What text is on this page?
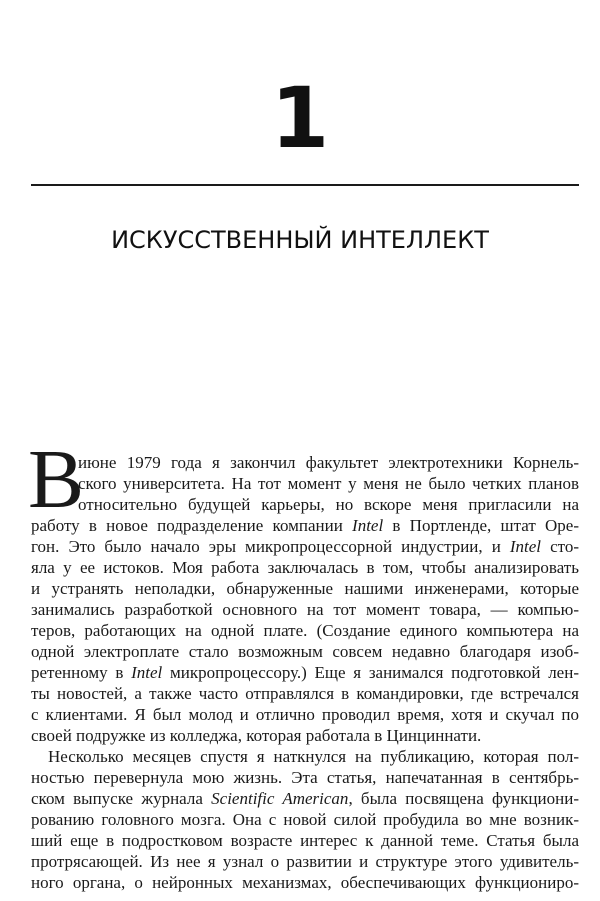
1
ИСКУССТВЕННЫЙ ИНТЕЛЛЕКТ
В
июне 1979 года я закончил факультет электротехники Корнель-
ского университета. На тот момент у меня не было четких планов
относительно будущей карьеры, но вскоре меня пригласили на
работу в новое подразделение компании Intel в Портленде, штат Оре-
гон. Это было начало эры микропроцессорной индустрии, и Intel сто-
яла у ее истоков. Моя работа заключалась в том, чтобы анализировать
и устранять неполадки, обнаруженные нашими инженерами, которые
занимались разработкой основного на тот момент товара, — компью-
теров, работающих на одной плате. (Создание единого компьютера на
одной электроплате стало возможным совсем недавно благодаря изоб-
ретенному в Intel микропроцессору.) Еще я занимался подготовкой лен-
ты новостей, а также часто отправлялся в командировки, где встречался
с клиентами. Я был молод и отлично проводил время, хотя и скучал по
своей подружке из колледжа, которая работала в Цинциннати.
Несколько месяцев спустя я наткнулся на публикацию, которая пол-
ностью перевернула мою жизнь. Эта статья, напечатанная в сентябрь-
ском выпуске журнала Scientific American, была посвящена функциони-
рованию головного мозга. Она с новой силой пробудила во мне возник-
ший еще в подростковом возрасте интерес к данной теме. Статья была
протрясающей. Из нее я узнал о развитии и структуре этого удивитель-
ного органа, о нейронных механизмах, обеспечивающих функциониро-
